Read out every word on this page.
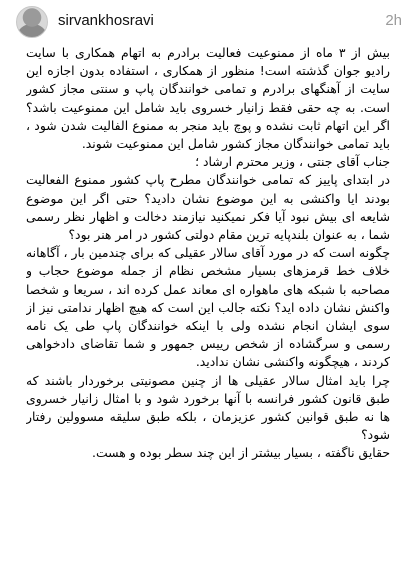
sirvankhosravi	2h

بیش از ۳ ماه از ممنوعیت فعالیت برادرم به اتهام همکاری با سایت رادیو جوان گذشته است! منظور از همکاری ، استفاده بدون اجازه این سایت از آهنگهای برادرم و تمامی خوانندگان پاپ و سنتی مجاز کشور است. به چه حقی فقط زانیار خسروی باید شامل این ممنوعیت باشد؟ اگر این اتهام ثابت نشده و پوچ باید منجر به ممنوع الفالیت شدن شود ، باید تمامی خوانندگان مجاز کشور شامل این ممنوعیت شوند.

جناب آقای جنتی ، وزیر محترم ارشاد ؛

در ابتدای پاییز که تمامی خوانندگان مطرح پاپ کشور ممنوع الفعالیت بودند ایا واکنشی به این موضوع نشان دادید؟ حتی اگر این موضوع شایعه ای بیش نبود آیا فکر نمیکنید نیازمند دخالت و اظهار نظر رسمی شما ، به عنوان بلندپایه ترین مقام دولتی کشور در امر هنر بود؟

چگونه است که در مورد آقای سالار عقیلی که برای چندمین بار ، آگاهانه خلاف خط قرمزهای بسیار مشخص نظام از جمله موضوع حجاب و مصاحبه با شبکه های ماهواره ای معاند عمل کرده اند ، سریعا و شخصا واکنش نشان داده اید؟ نکته جالب این است که هیچ اظهار ندامتی نیز از سوی ایشان انجام نشده ولی با اینکه خوانندگان پاپ طی یک نامه رسمی و سرگشاده از شخص رییس جمهور و شما تقاضای دادخواهی کردند ، هیچگونه واکنشی نشان ندادید.

چرا باید امثال سالار عقیلی ها از چنین مصونیتی برخوردار باشند که طبق قانون کشور فرانسه با آنها برخورد شود و با امثال زانیار خسروی ها نه طبق قوانین کشور عزیزمان ، بلکه طبق سلیقه مسوولین رفتار شود؟

حقایق ناگفته ، بسیار بیشتر از این چند سطر بوده و هست.
